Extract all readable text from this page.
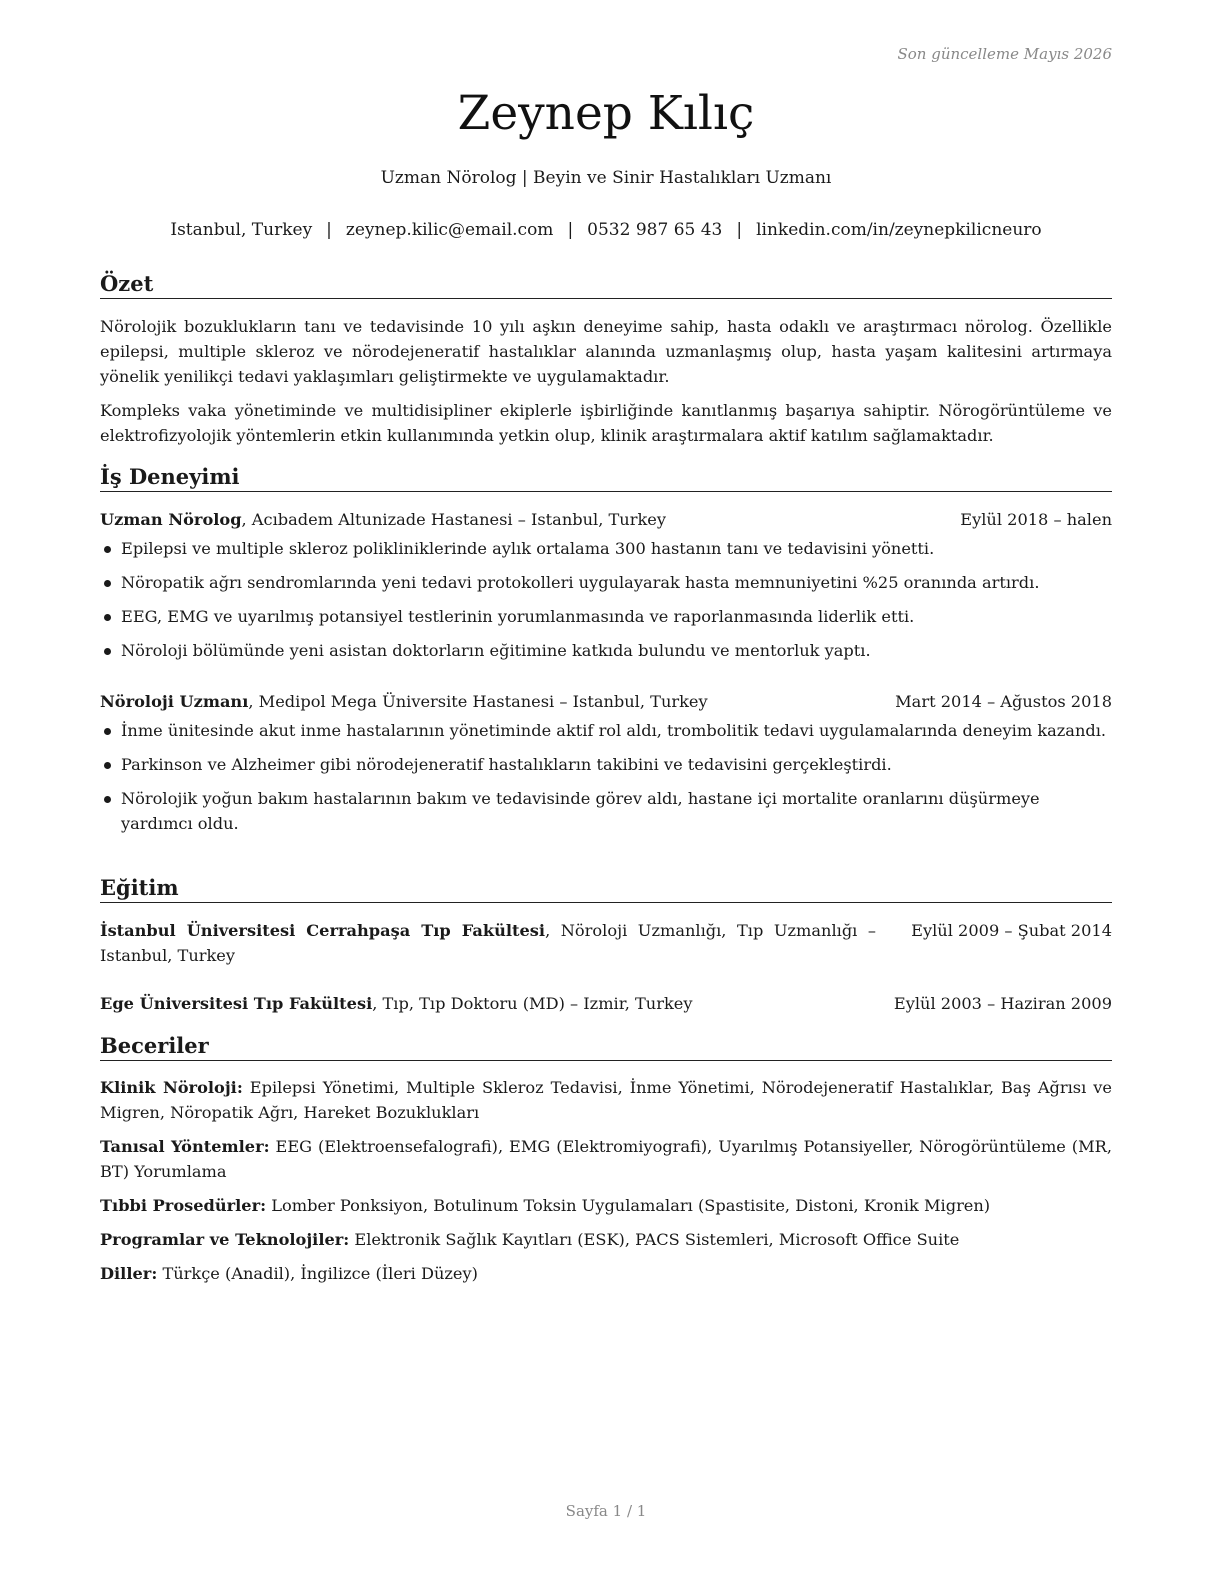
Son güncelleme Mayıs 2026
Zeynep Kılıç
Uzman Nörolog | Beyin ve Sinir Hastalıkları Uzmanı
Istanbul, Turkey | zeynep.kilic@email.com | 0532 987 65 43 | linkedin.com/in/zeynepkilicneuro
Özet

Nörolojik bozuklukların tanı ve tedavisinde 10 yılı aşkın deneyime sahip, hasta odaklı ve araştırmacı nörolog. Özellikle epilepsi, multiple skleroz ve nörodejeneratif hastalıklar alanında uzmanlaşmış olup, hasta yaşam kalitesini artırmaya yönelik yenilikçi tedavi yaklaşımları geliştirmekte ve uygulamaktadır.

Kompleks vaka yönetiminde ve multidisipliner ekiplerle işbirliğinde kanıtlanmış başarıya sahiptir. Nörogörüntüleme ve elektrofizyolojik yöntemlerin etkin kullanımında yetkin olup, klinik araştırmalara aktif katılım sağlamaktadır.

İş Deneyimi
Uzman Nörolog, Acıbadem Altunizade Hastanesi – Istanbul, Turkey	Eylül 2018 – halen
Epilepsi ve multiple skleroz polikliniklerinde aylık ortalama 300 hastanın tanı ve tedavisini yönetti.
Nöropatik ağrı sendromlarında yeni tedavi protokolleri uygulayarak hasta memnuniyetini %25 oranında artırdı.
EEG, EMG ve uyarılmış potansiyel testlerinin yorumlanmasında ve raporlanmasında liderlik etti.
Nöroloji bölümünde yeni asistan doktorların eğitimine katkıda bulundu ve mentorluk yaptı.
Nöroloji Uzmanı, Medipol Mega Üniversite Hastanesi – Istanbul, Turkey	Mart 2014 – Ağustos 2018
İnme ünitesinde akut inme hastalarının yönetiminde aktif rol aldı, trombolitik tedavi uygulamalarında deneyim kazandı.
Parkinson ve Alzheimer gibi nörodejeneratif hastalıkların takibini ve tedavisini gerçekleştirdi.
Nörolojik yoğun bakım hastalarının bakım ve tedavisinde görev aldı, hastane içi mortalite oranlarını düşürmeye yardımcı oldu.
Eğitim
İstanbul Üniversitesi Cerrahpaşa Tıp Fakültesi, Nöroloji Uzmanlığı, Tıp Uzmanlığı – Istanbul, Turkey
Eylül 2009 – Şubat 2014
Ege Üniversitesi Tıp Fakültesi, Tıp, Tıp Doktoru (MD) – Izmir, Turkey	Eylül 2003 – Haziran 2009
Beceriler

Klinik Nöroloji: Epilepsi Yönetimi, Multiple Skleroz Tedavisi, İnme Yönetimi, Nörodejeneratif Hastalıklar, Baş Ağrısı ve Migren, Nöropatik Ağrı, Hareket Bozuklukları

Tanısal Yöntemler: EEG (Elektroensefalografi), EMG (Elektromiyografi), Uyarılmış Potansiyeller, Nörogörüntüleme (MR, BT) Yorumlama

Tıbbi Prosedürler: Lomber Ponksiyon, Botulinum Toksin Uygulamaları (Spastisite, Distoni, Kronik Migren)

Programlar ve Teknolojiler: Elektronik Sağlık Kayıtları (ESK), PACS Sistemleri, Microsoft Office Suite

Diller: Türkçe (Anadil), İngilizce (İleri Düzey)

Sayfa 1 / 1
